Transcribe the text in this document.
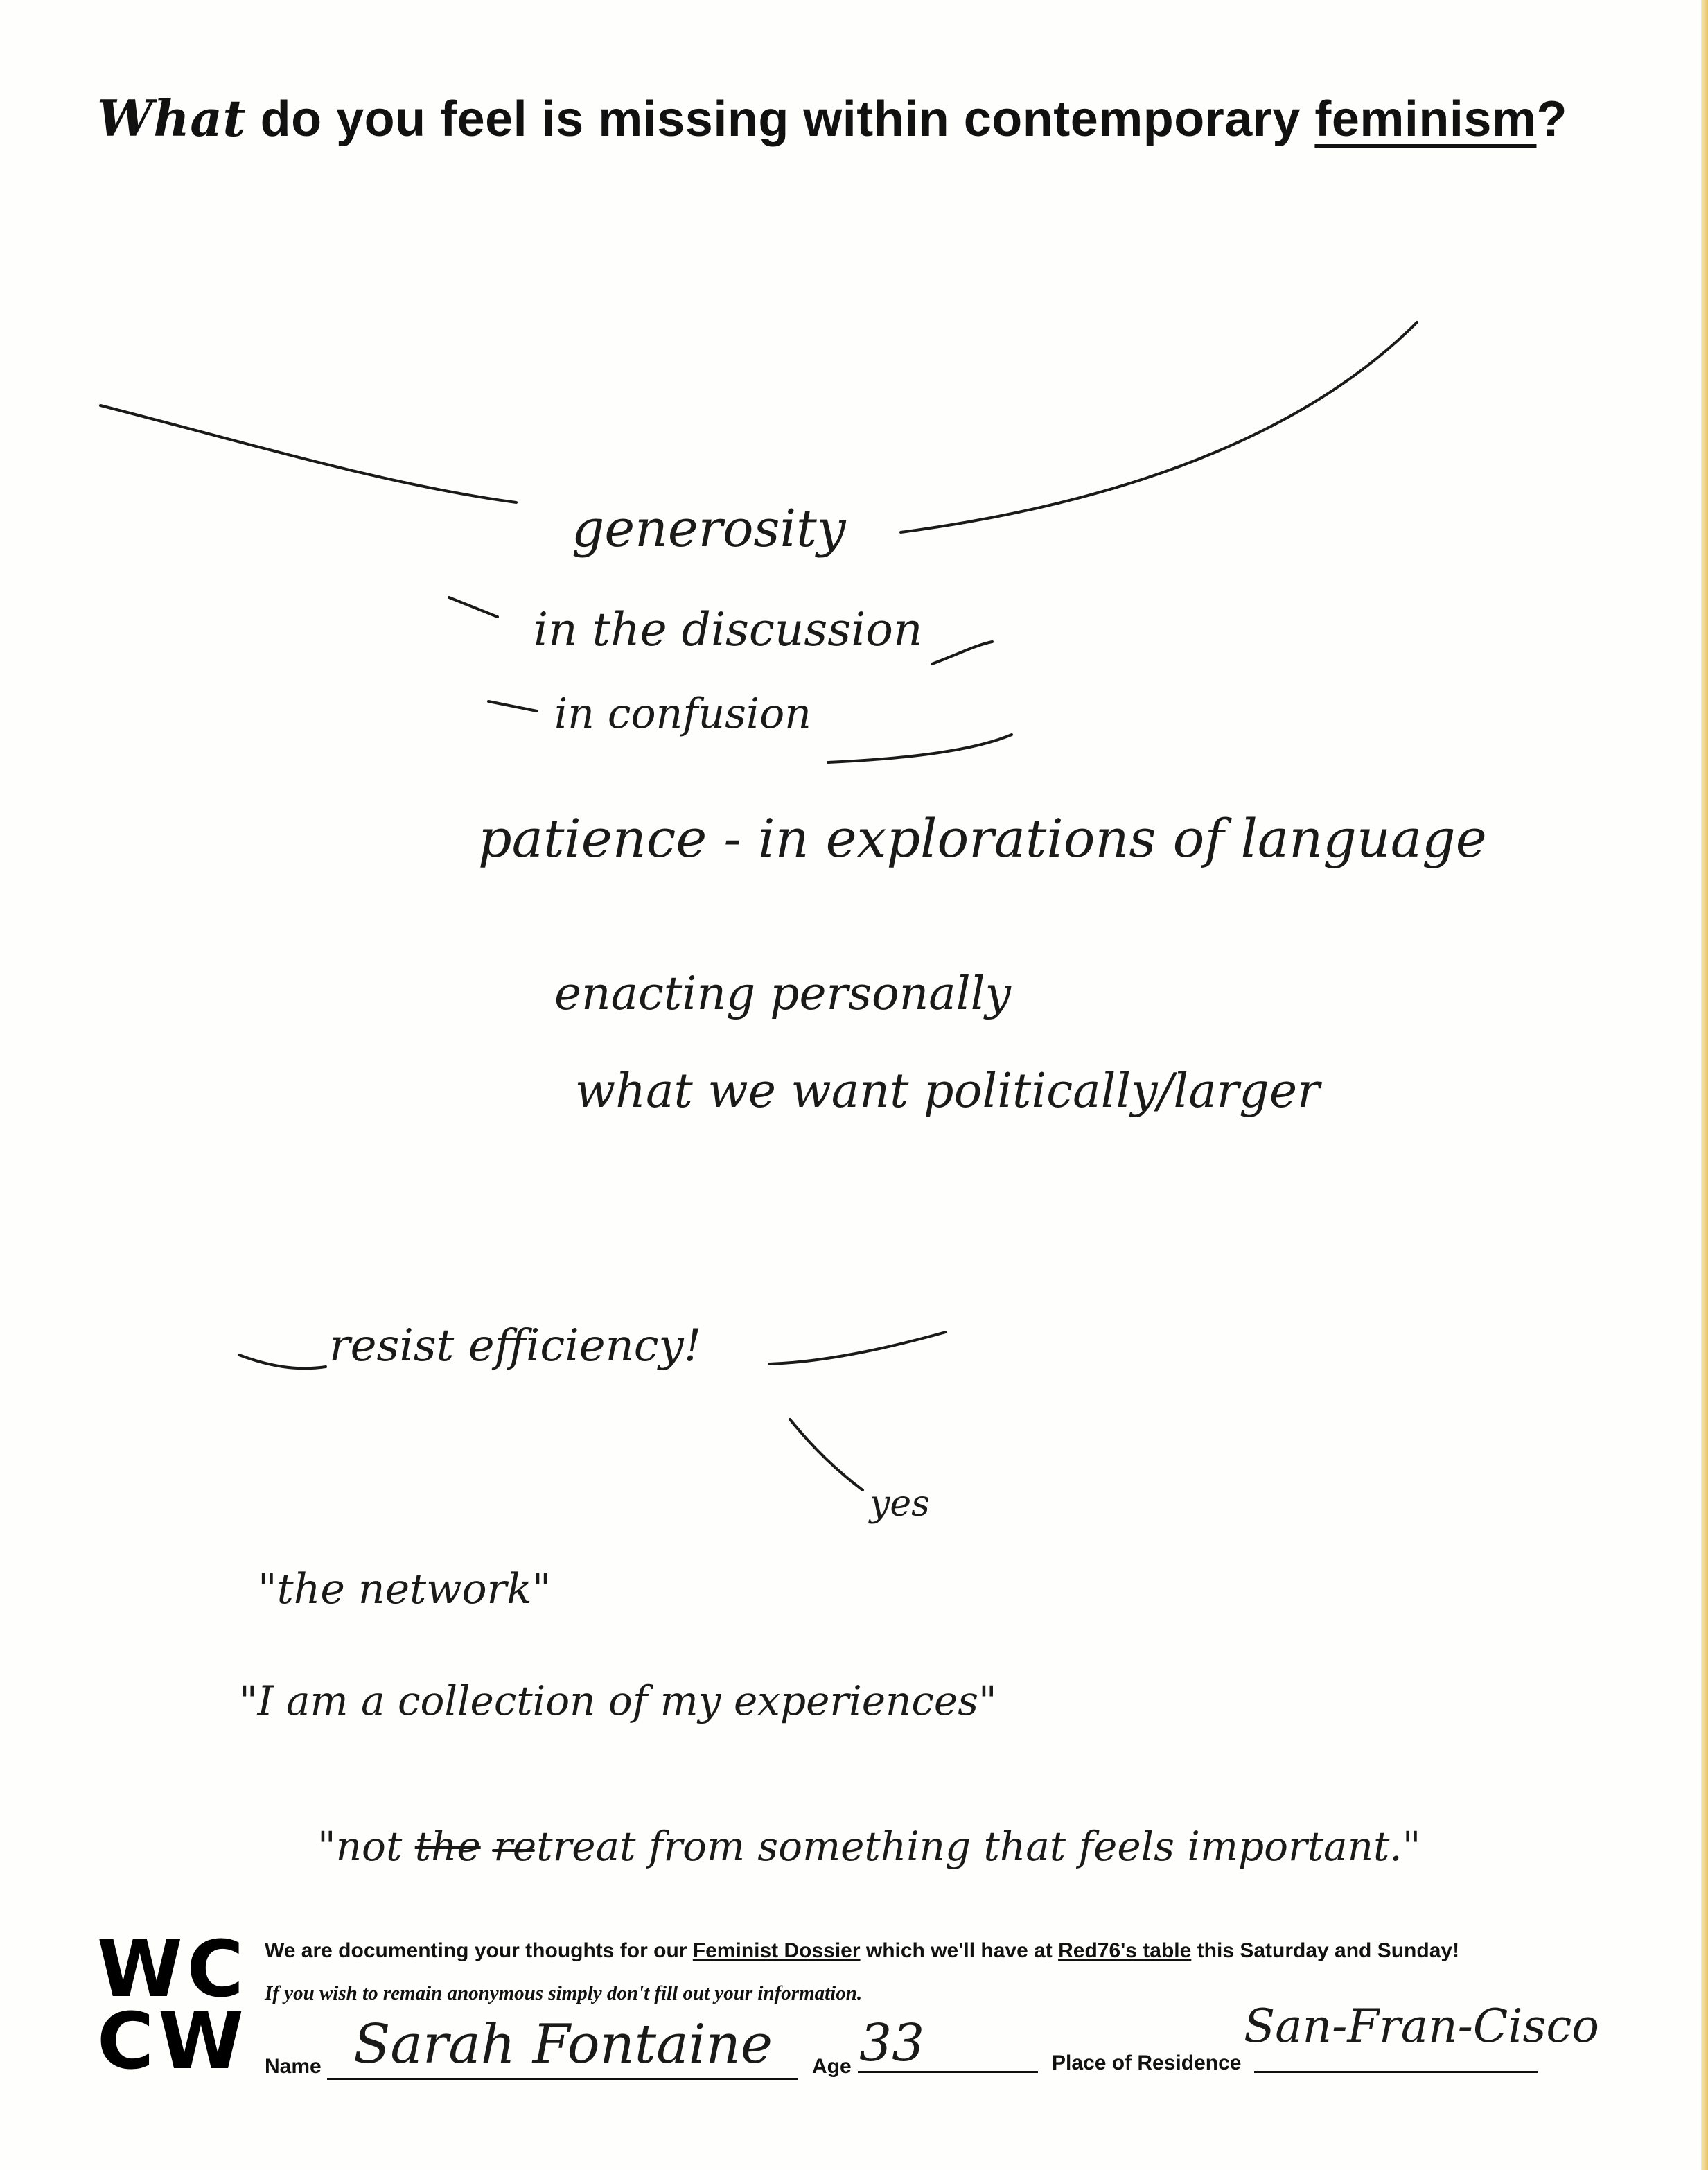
What do you feel is missing within contemporary feminism?
generosity
in the discussion
in confusion
patience - in explorations of language
enacting personally
what we want politically/larger
resist efficiency!
yes
"the network"
"I am a collection of my experiences"
"not the retreat from something that feels important."
WC
CW
We are documenting your thoughts for our Feminist Dossier which we'll have at Red76's table this Saturday and Sunday!
If you wish to remain anonymous simply don't fill out your information.
Name Sarah Fontaine Age 33	Place of Residence
San-Fran-Cisco
